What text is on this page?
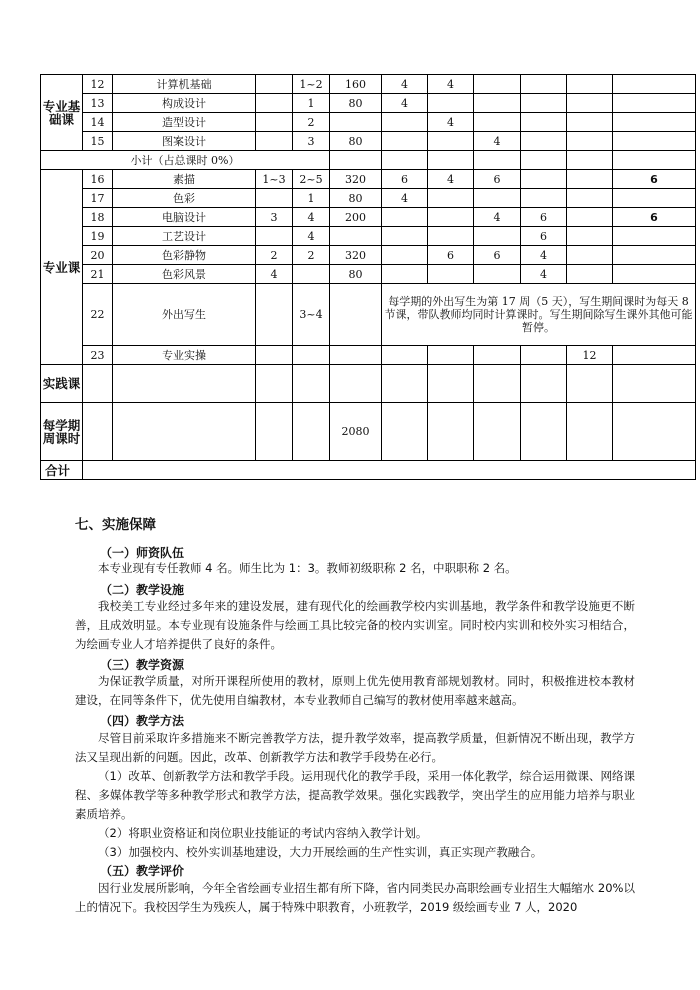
专业基础课	12	计算机基础		1~2	160	4	4				
	13	构成设计		1	80	4					
	14	造型设计		2			4				
	15	图案设计		3	80			4			
小计（占总课时 0%）											
专业课	16	素描	1~3	2~5	320	6	4	6			6
	17	色彩		1	80	4					
	18	电脑设计	3	4	200			4	6		6
	19	工艺设计		4					6		
	20	色彩静物	2	2	320		6	6	4		
	21	色彩风景	4		80				4		
	22	外出写生		3~4		每学期的外出写生为第 17 周（5 天），写生期间课时为每天 8 节课，带队教师均同时计算课时。写生期间除写生课外其他可能暂停。					
	23	专业实操								12	
实践课											
每学期周课时					2080						
合计											
七、实施保障
（一）师资队伍
本专业现有专任教师 4 名。师生比为 1：3。教师初级职称 2 名，中职职称 2 名。
（二）教学设施
我校美工专业经过多年来的建设发展，建有现代化的绘画教学校内实训基地，教学条件和教学设施更不断善，且成效明显。本专业现有设施条件与绘画工具比较完备的校内实训室。同时校内实训和校外实习相结合，为绘画专业人才培养提供了良好的条件。
（三）教学资源
为保证教学质量，对所开课程所使用的教材，原则上优先使用教育部规划教材。同时，积极推进校本教材建设，在同等条件下，优先使用自编教材，本专业教师自己编写的教材使用率越来越高。
（四）教学方法
尽管目前采取许多措施来不断完善教学方法，提升教学效率，提高教学质量，但新情况不断出现，教学方法又呈现出新的问题。因此，改革、创新教学方法和教学手段势在必行。
（1）改革、创新教学方法和教学手段。运用现代化的教学手段，采用一体化教学，综合运用微课、网络课程、多媒体教学等多种教学形式和教学方法，提高教学效果。强化实践教学，突出学生的应用能力培养与职业素质培养。
（2）将职业资格证和岗位职业技能证的考试内容纳入教学计划。
（3）加强校内、校外实训基地建设，大力开展绘画的生产性实训，真正实现产教融合。
（五）教学评价
因行业发展所影响，今年全省绘画专业招生都有所下降，省内同类民办高职绘画专业招生大幅缩水 20%以上的情况下。我校因学生为残疾人，属于特殊中职教育，小班教学，2019 级绘画专业 7 人，2020
